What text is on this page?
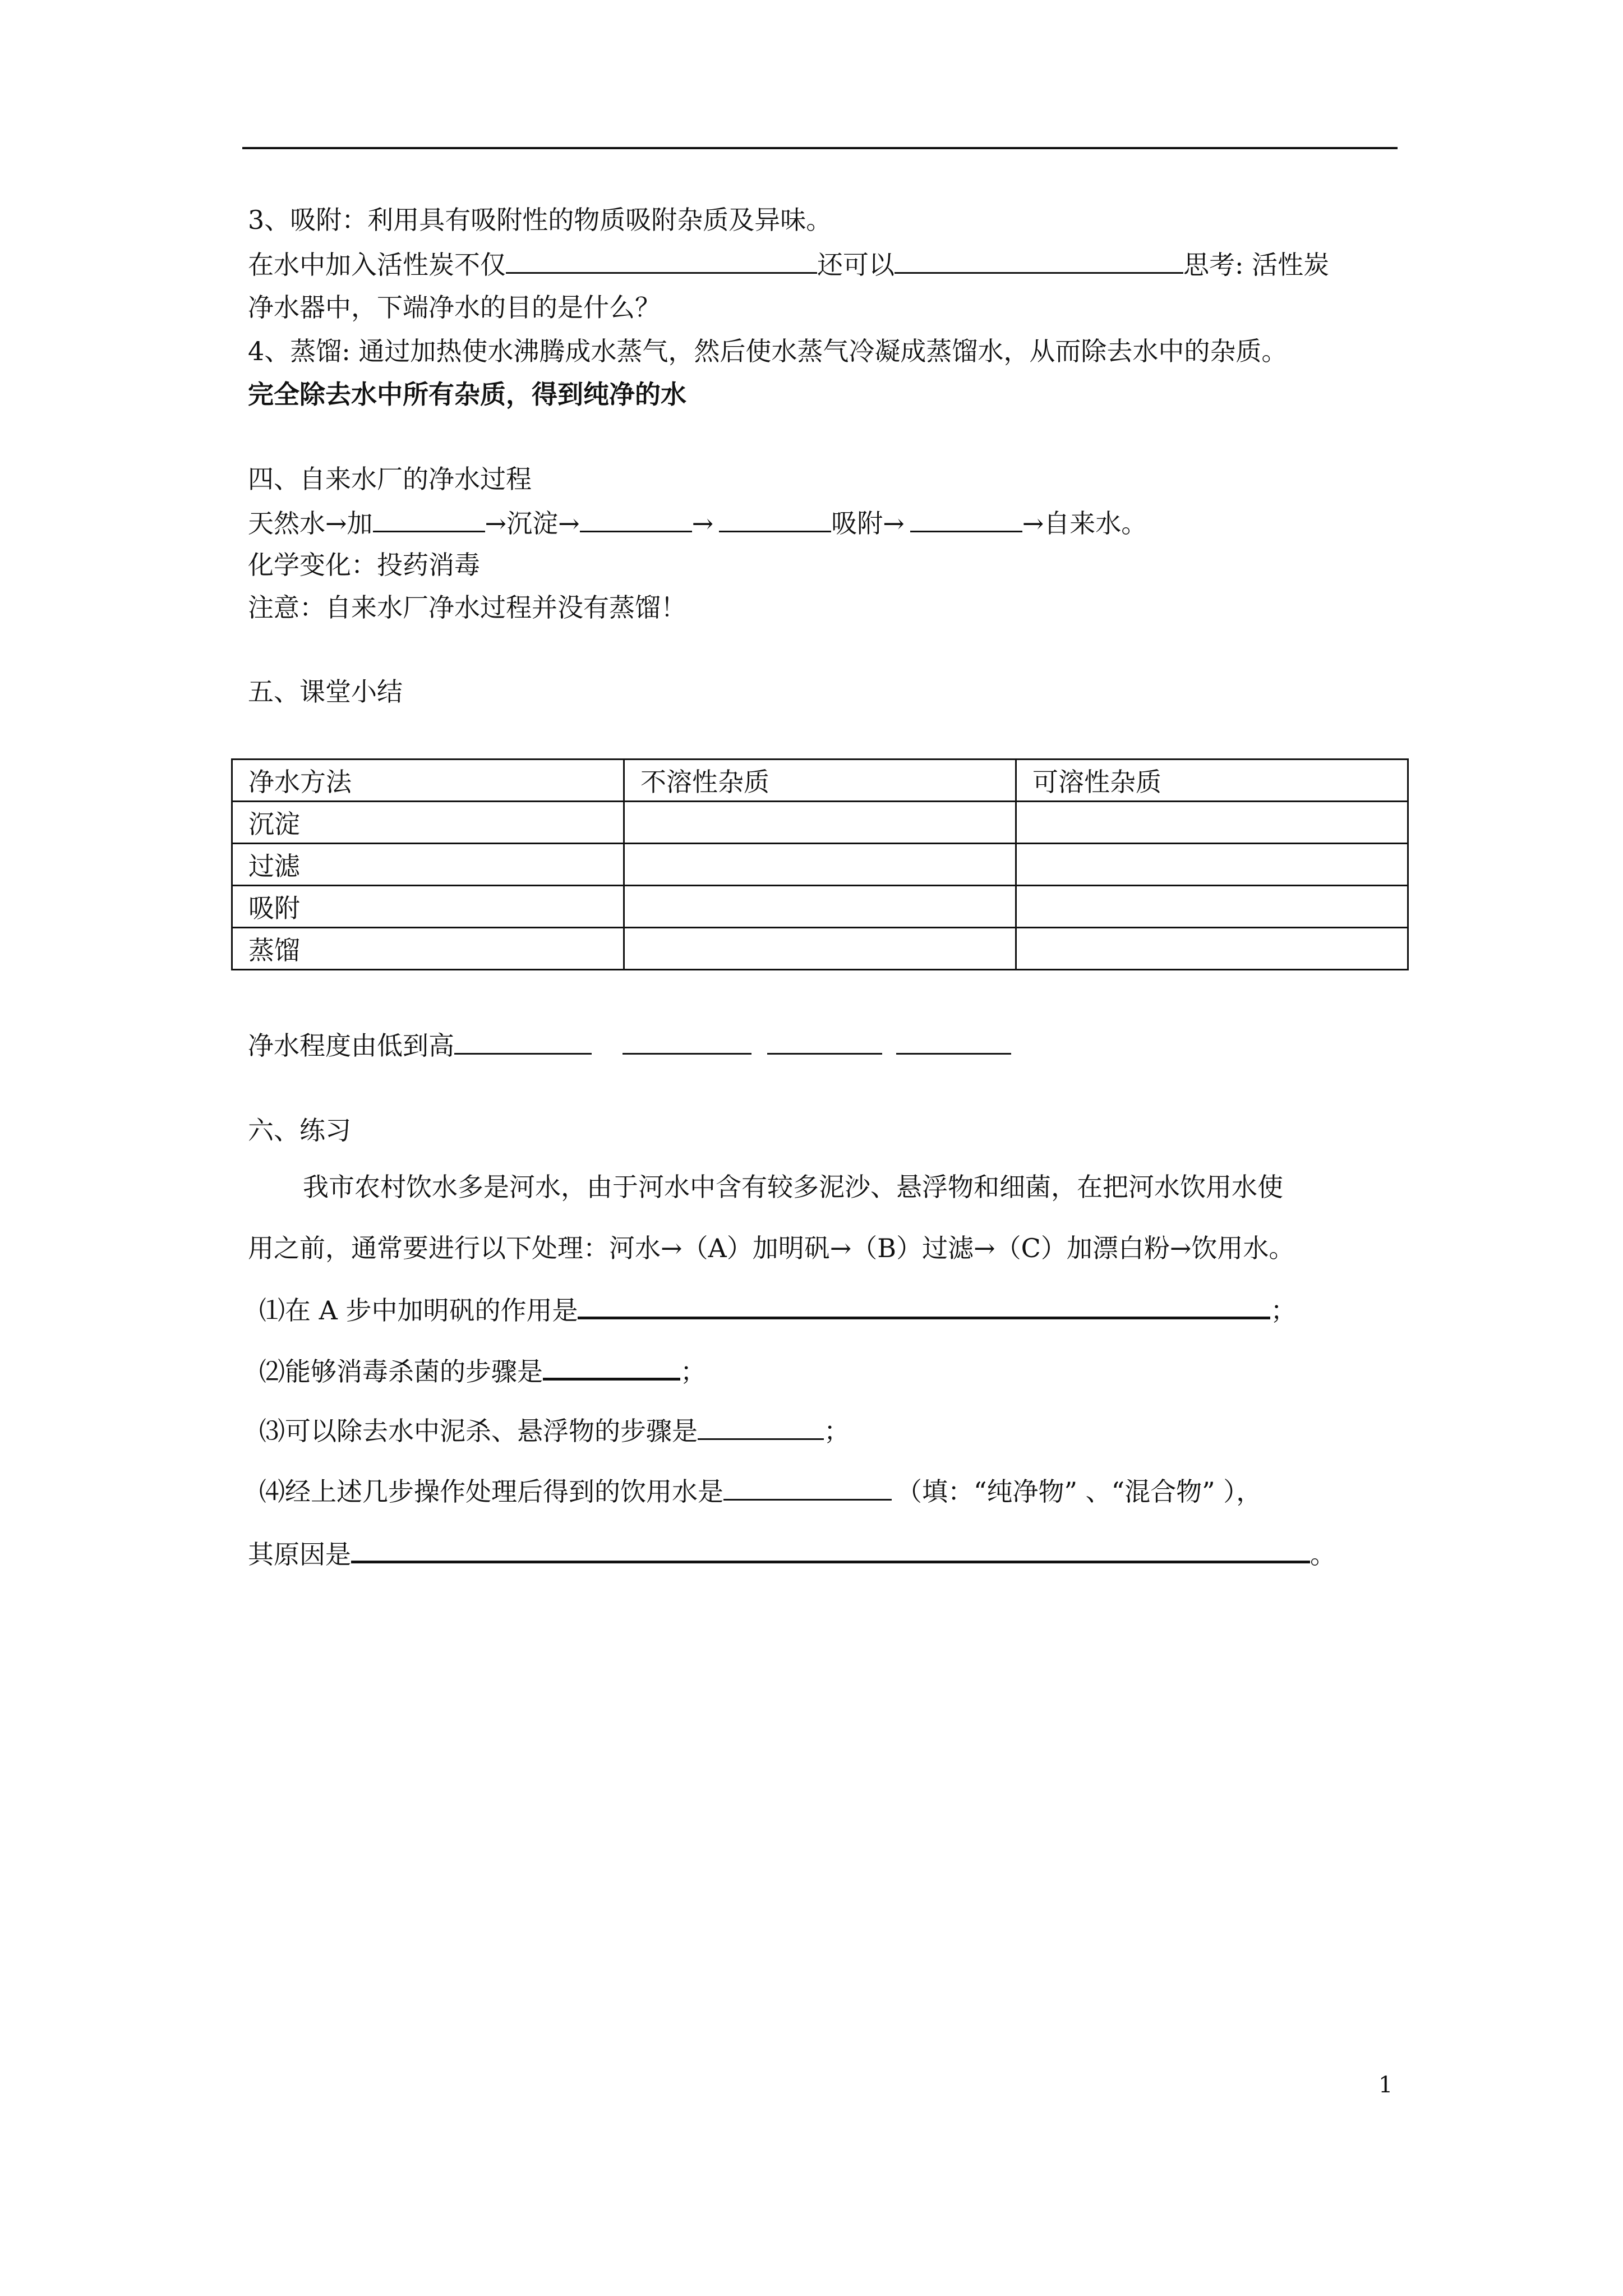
3、吸附：利用具有吸附性的物质吸附杂质及异味。
在水中加入活性炭不仅	还可以	思考: 活性炭
净水器中，下端净水的目的是什么？
4、蒸馏: 通过加热使水沸腾成水蒸气，然后使水蒸气冷凝成蒸馏水，从而除去水中的杂质。
完全除去水中所有杂质，得到纯净的水
四、自来水厂的净水过程
天然水→加	→沉淀→	→	吸附→	→自来水。
化学变化：投药消毒
注意：自来水厂净水过程并没有蒸馏！
五、课堂小结
净水方法	不溶性杂质	可溶性杂质
沉淀		
过滤		
吸附		
蒸馏		
净水程度由低到高
六、练习
我市农村饮水多是河水，由于河水中含有较多泥沙、悬浮物和细菌，在把河水饮用水使
用之前，通常要进行以下处理：河水→（A）加明矾→（B）过滤→（C）加漂白粉→饮用水。
⑴在 A 步中加明矾的作用是	；
⑵能够消毒杀菌的步骤是	；
⑶可以除去水中泥杀、悬浮物的步骤是	；
⑷经上述几步操作处理后得到的饮用水是	（填：“纯净物” 、“混合物” ），
其原因是	。
1
